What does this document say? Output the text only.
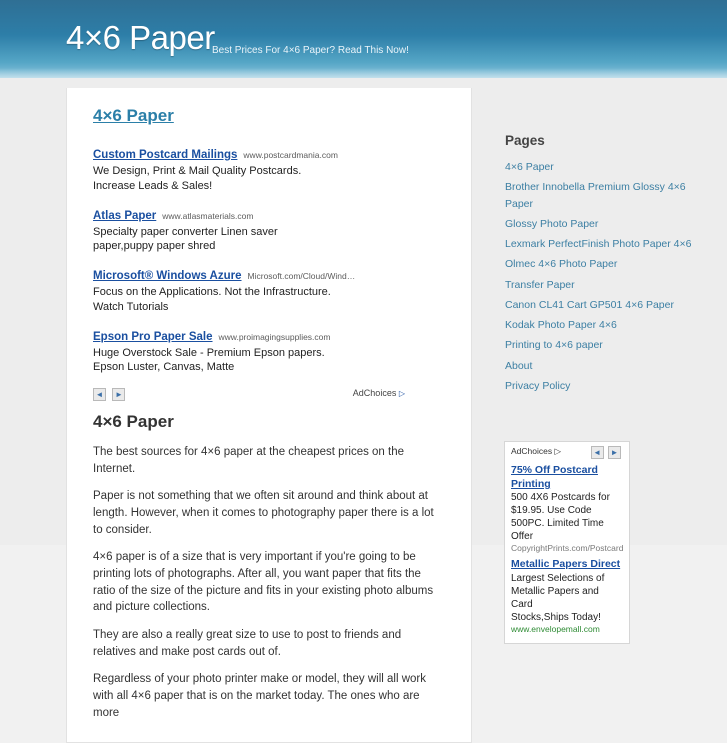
4×6 Paper
Best Prices For 4×6 Paper? Read This Now!
4×6 Paper
Custom Postcard Mailings www.postcardmania.com
We Design, Print & Mail Quality Postcards.
Increase Leads & Sales!
Atlas Paper www.atlasmaterials.com
Specialty paper converter Linen saver
paper,puppy paper shred
Microsoft® Windows Azure Microsoft.com/Cloud/Wind…
Focus on the Applications. Not the Infrastructure.
Watch Tutorials
Epson Pro Paper Sale www.proimagingsupplies.com
Huge Overstock Sale - Premium Epson papers.
Epson Luster, Canvas, Matte
◄ ►	AdChoices ▷
4×6 Paper

The best sources for 4×6 paper at the cheapest prices on the Internet.

Paper is not something that we often sit around and think about at length. However, when it comes to photography paper there is a lot to consider.

4×6 paper is of a size that is very important if you're going to be printing lots of photographs. After all, you want paper that fits the ratio of the size of the picture and fits in your existing photo albums and picture collections.

They are also a really great size to use to post to friends and relatives and make post cards out of.

Regardless of your photo printer make or model, they will all work with all 4×6 paper that is on the market today. The ones who are more

Pages
4×6 Paper
Brother Innobella Premium Glossy 4×6 Paper
Glossy Photo Paper
Lexmark PerfectFinish Photo Paper 4×6
Olmec 4×6 Photo Paper
Transfer Paper
Canon CL41 Cart GP501 4×6 Paper
Kodak Photo Paper 4×6
Printing to 4×6 paper
About
Privacy Policy
AdChoices ▷	◄ ►
75% Off Postcard Printing
500 4X6 Postcards for
$19.95. Use Code
500PC. Limited Time
Offer
CopyrightPrints.com/Postcard
Metallic Papers Direct
Largest Selections of
Metallic Papers and Card
Stocks,Ships Today!
www.envelopemall.com
